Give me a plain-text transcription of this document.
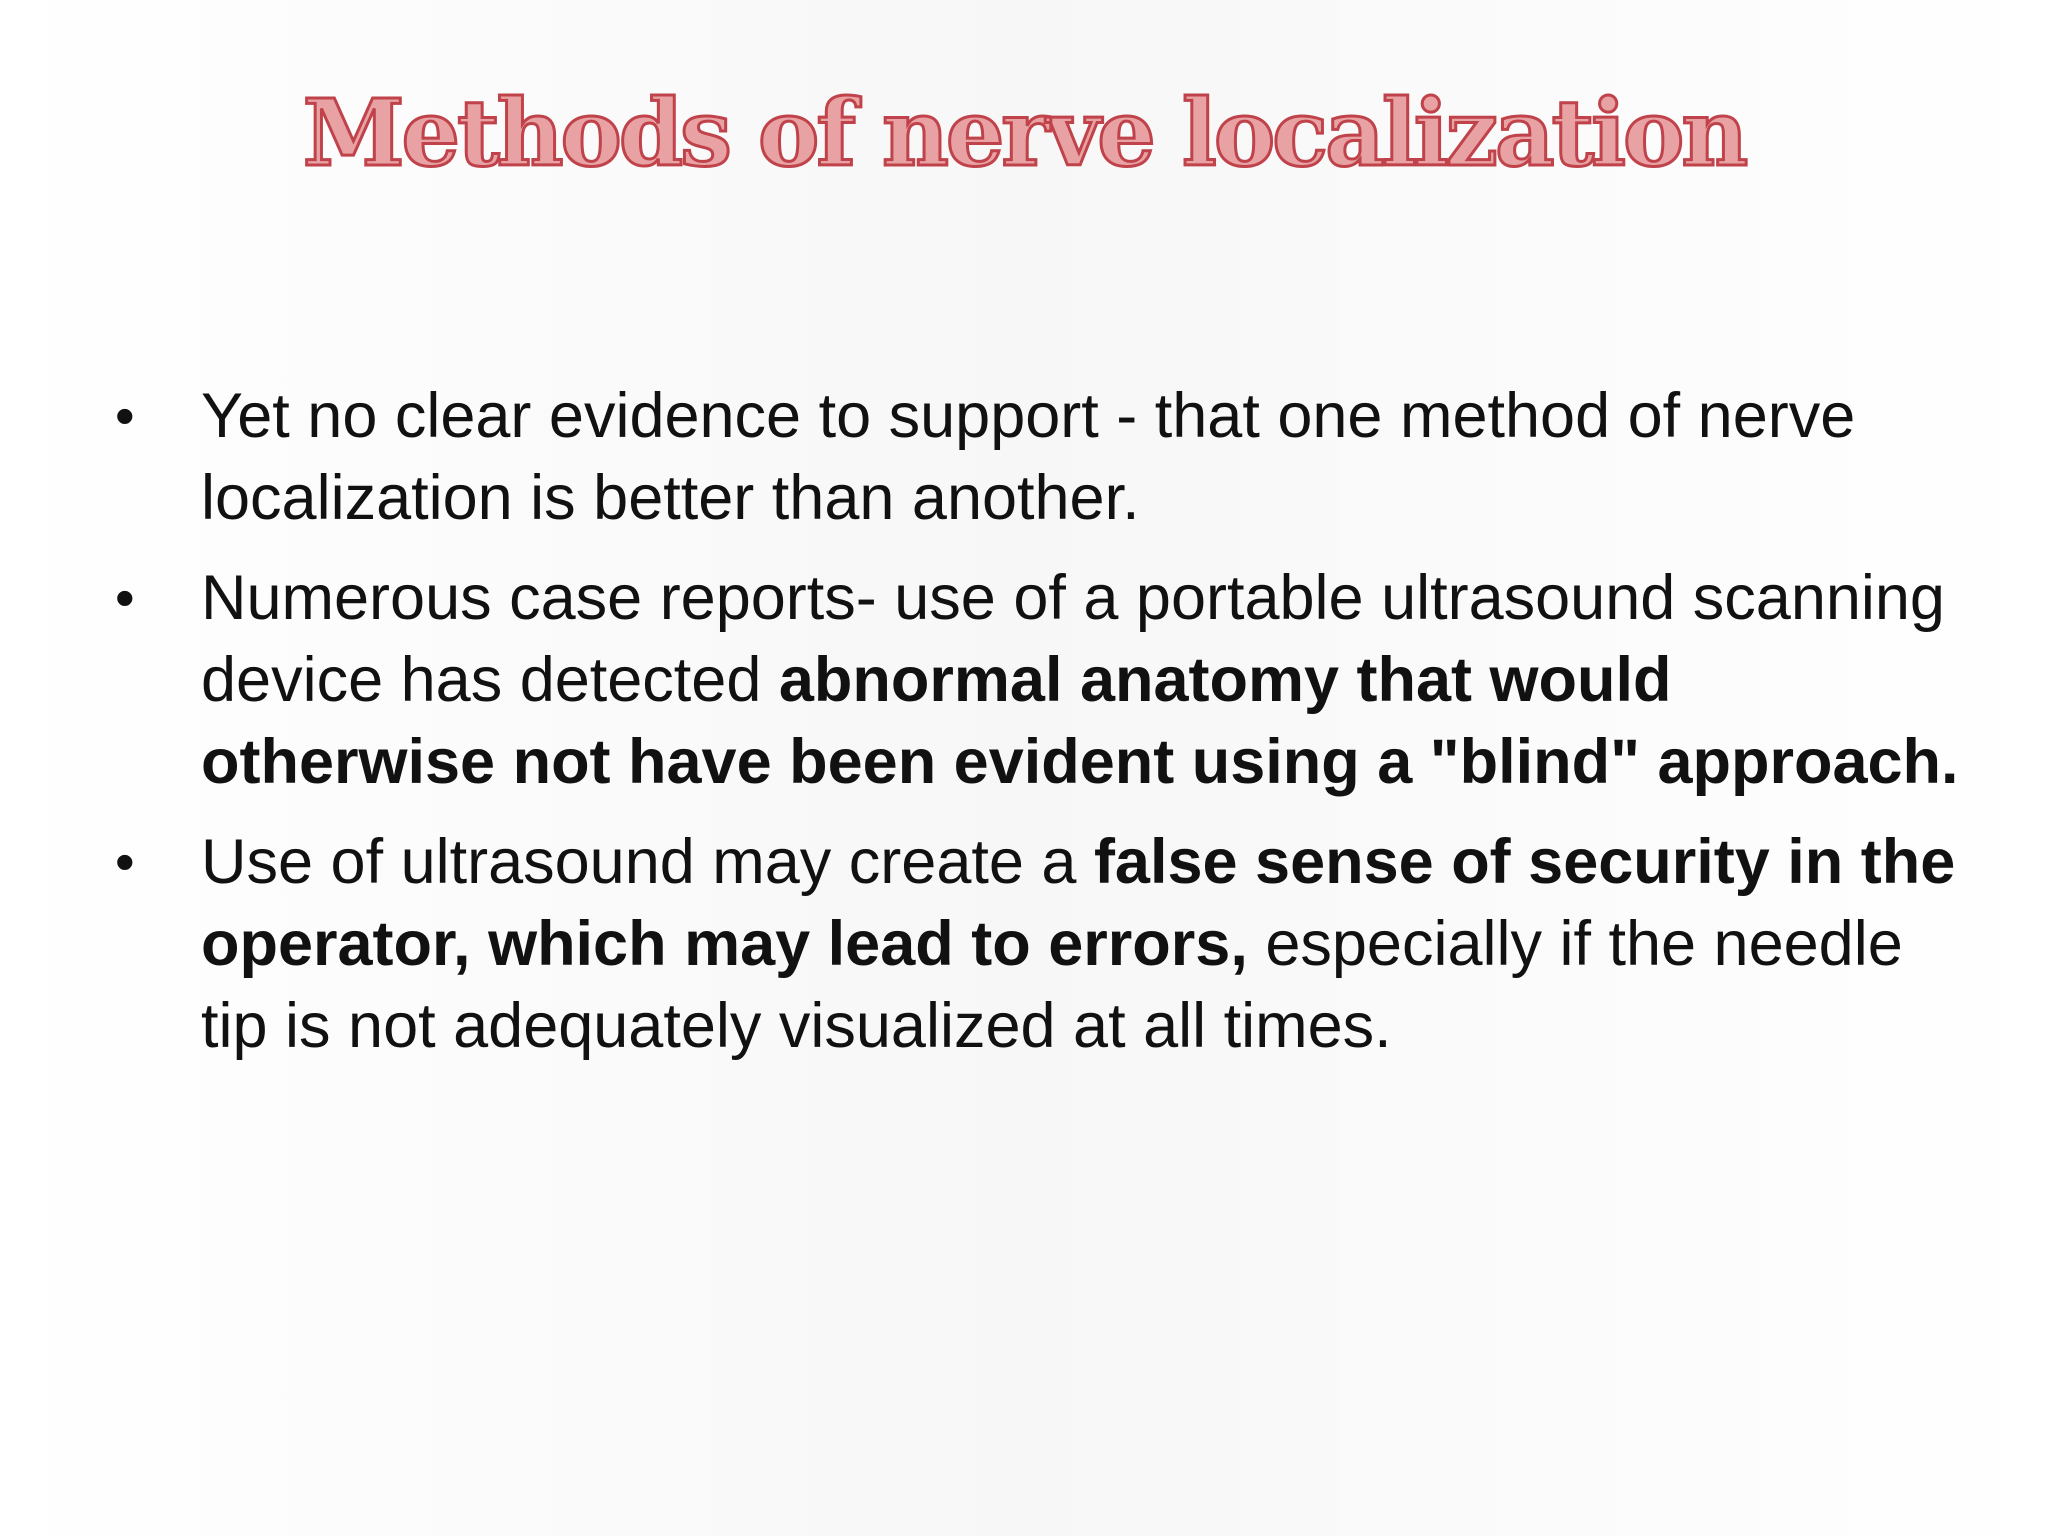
Methods of nerve localization
•	Yet no clear evidence to support - that one method of nerve localization is better than another.
•	Numerous case reports- use of a portable ultrasound scanning device has detected abnormal anatomy that would otherwise not have been evident using a "blind" approach.
•	Use of ultrasound may create a false sense of security in the operator, which may lead to errors, especially if the needle tip is not adequately visualized at all times.
